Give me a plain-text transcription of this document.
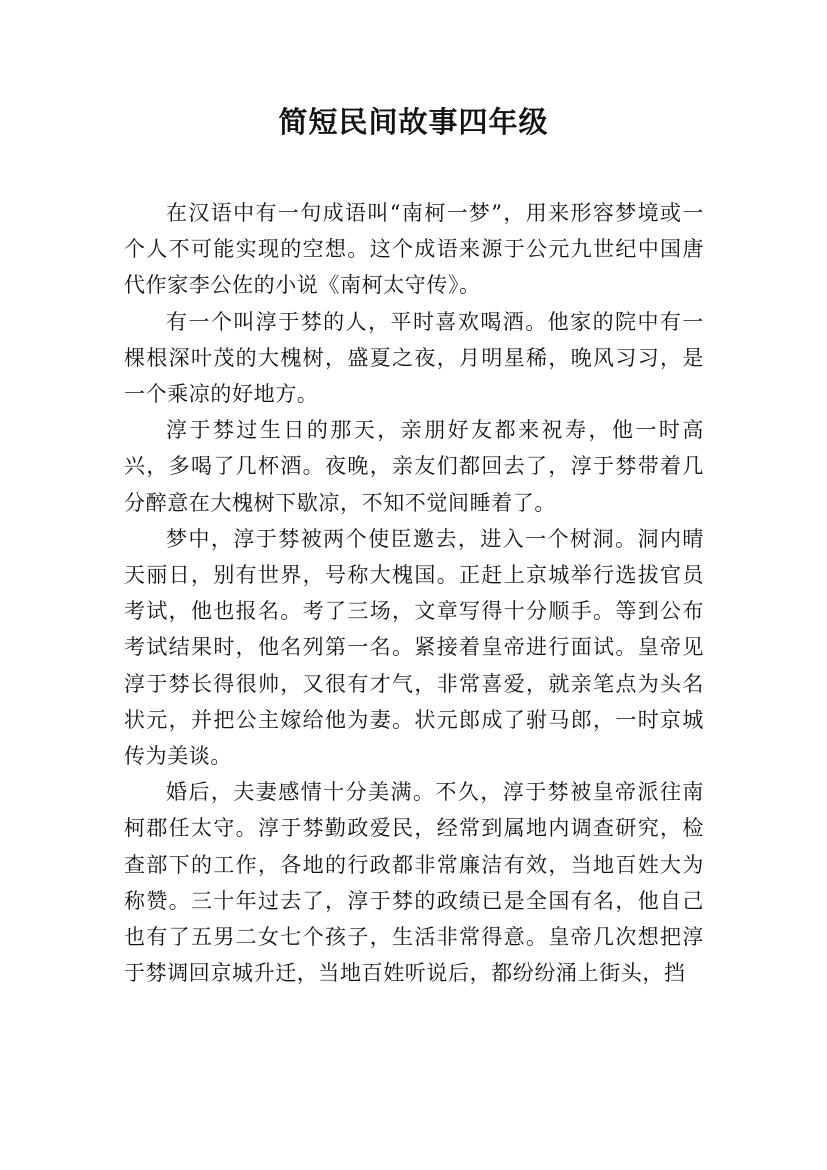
简短民间故事四年级

在汉语中有一句成语叫“南柯一梦”，用来形容梦境或一个人不可能实现的空想。这个成语来源于公元九世纪中国唐代作家李公佐的小说《南柯太守传》。

有一个叫淳于棼的人，平时喜欢喝酒。他家的院中有一棵根深叶茂的大槐树，盛夏之夜，月明星稀，晚风习习，是一个乘凉的好地方。

淳于棼过生日的那天，亲朋好友都来祝寿，他一时高兴，多喝了几杯酒。夜晚，亲友们都回去了，淳于棼带着几分醉意在大槐树下歇凉，不知不觉间睡着了。

梦中，淳于棼被两个使臣邀去，进入一个树洞。洞内晴天丽日，别有世界，号称大槐国。正赶上京城举行选拔官员考试，他也报名。考了三场，文章写得十分顺手。等到公布考试结果时，他名列第一名。紧接着皇帝进行面试。皇帝见淳于棼长得很帅，又很有才气，非常喜爱，就亲笔点为头名状元，并把公主嫁给他为妻。状元郎成了驸马郎，一时京城传为美谈。

婚后，夫妻感情十分美满。不久，淳于棼被皇帝派往南柯郡任太守。淳于棼勤政爱民，经常到属地内调查研究，检查部下的工作，各地的行政都非常廉洁有效，当地百姓大为称赞。三十年过去了，淳于棼的政绩已是全国有名，他自己也有了五男二女七个孩子，生活非常得意。皇帝几次想把淳于棼调回京城升迁，当地百姓听说后，都纷纷涌上街头，挡
